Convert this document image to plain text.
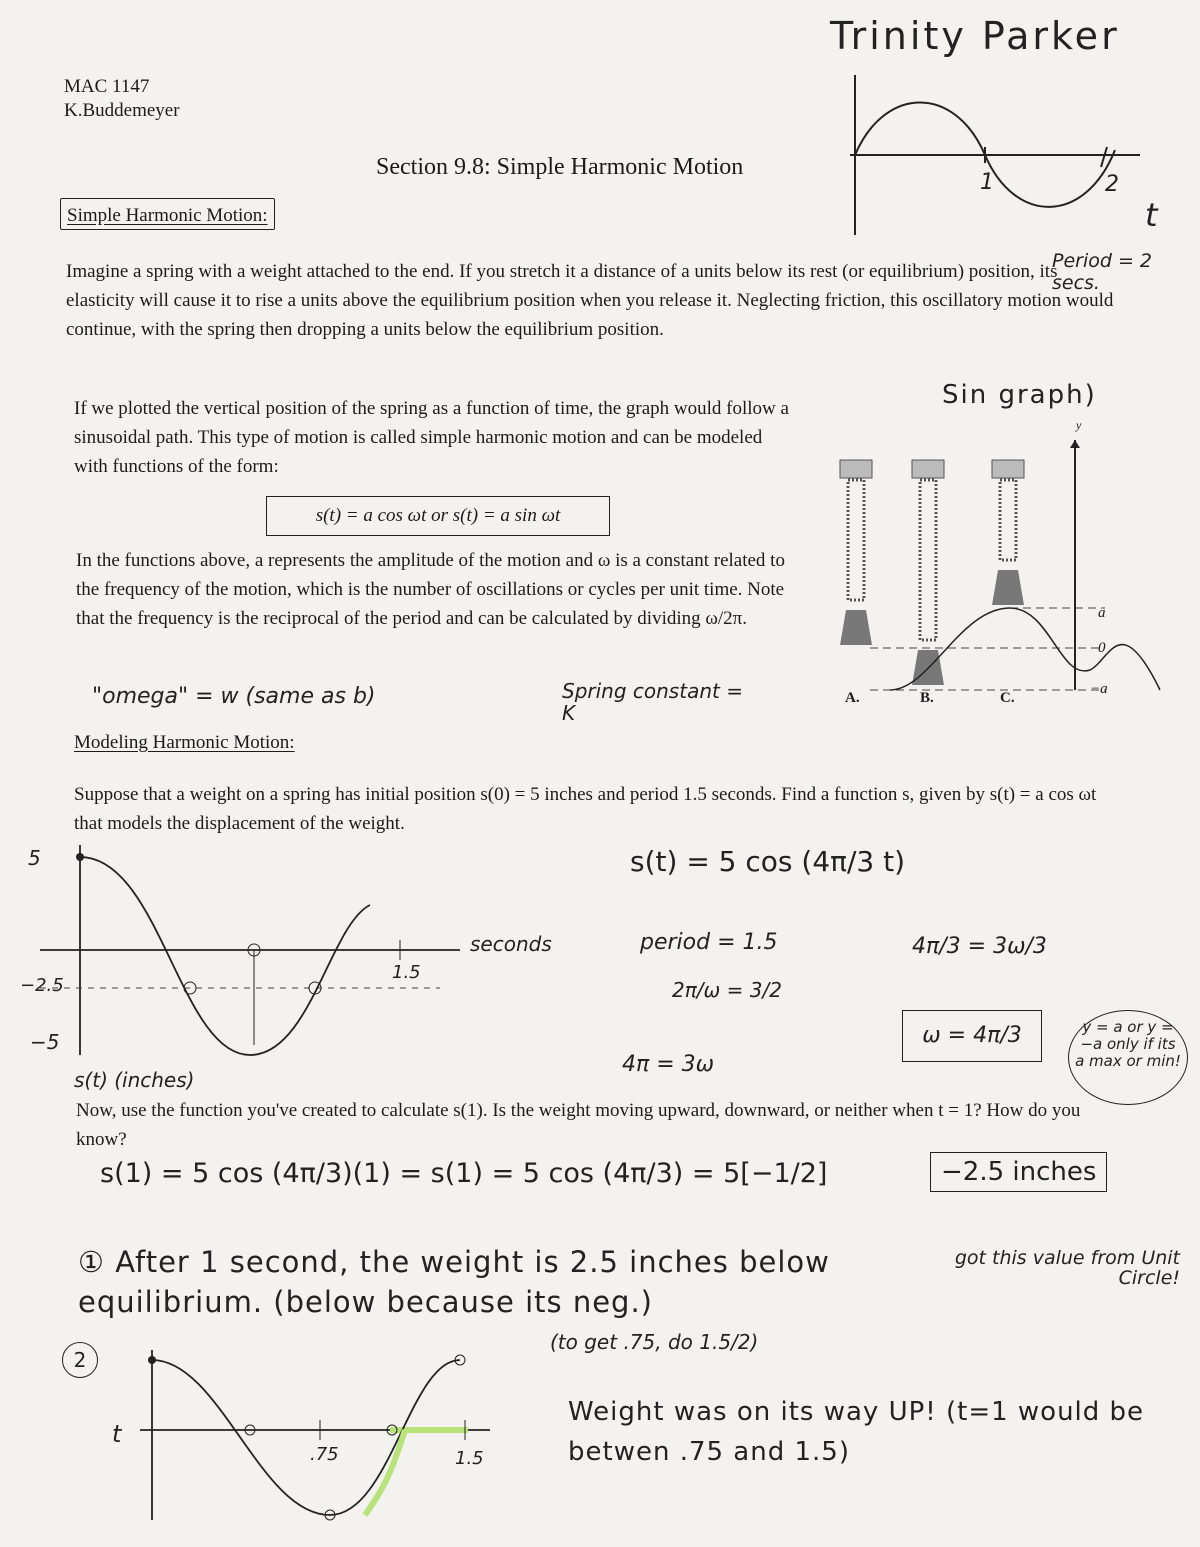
Trinity Parker
MAC 1147
K.Buddemeyer
Section 9.8: Simple Harmonic Motion
1	2
t
Period = 2 secs.
Simple Harmonic Motion:
Imagine a spring with a weight attached to the end. If you stretch it a distance of a units below its rest (or equilibrium) position, its elasticity will cause it to rise a units above the equilibrium position when you release it. Neglecting friction, this oscillatory motion would continue, with the spring then dropping a units below the equilibrium position.
If we plotted the vertical position of the spring as a function of time, the graph would follow a sinusoidal path. This type of motion is called simple harmonic motion and can be modeled with functions of the form:
Sin graph)
s(t) = a cos ωt or s(t) = a sin ωt
In the functions above, a represents the amplitude of the motion and ω is a constant related to the frequency of the motion, which is the number of oscillations or cycles per unit time. Note that the frequency is the reciprocal of the period and can be calculated by dividing ω/2π.
A.	B.	C.
a
0
−a
y
"omega" = w (same as b)	Spring constant = K
Modeling Harmonic Motion:
Suppose that a weight on a spring has initial position s(0) = 5 inches and period 1.5 seconds. Find a function s, given by s(t) = a cos ωt that models the displacement of the weight.
s(t) = 5 cos (4π/3 t)
5
−2.5
−5
1.5
seconds
s(t) (inches)
period = 1.5
2π/ω = 3/2
4π = 3ω
4π/3 = 3ω/3
ω = 4π/3	y = a or y = −a only if its a max or min!
Now, use the function you've created to calculate s(1). Is the weight moving upward, downward, or neither when t = 1? How do you know?
s(1) = 5 cos (4π/3)(1) = s(1) = 5 cos (4π/3) = 5[−1/2]	−2.5 inches
got this value from Unit Circle!
① After 1 second, the weight is 2.5 inches below equilibrium. (below because its neg.)
(to get .75, do 1.5/2)
2
t
.75	1.5
Weight was on its way UP! (t=1 would be betwen .75 and 1.5)
